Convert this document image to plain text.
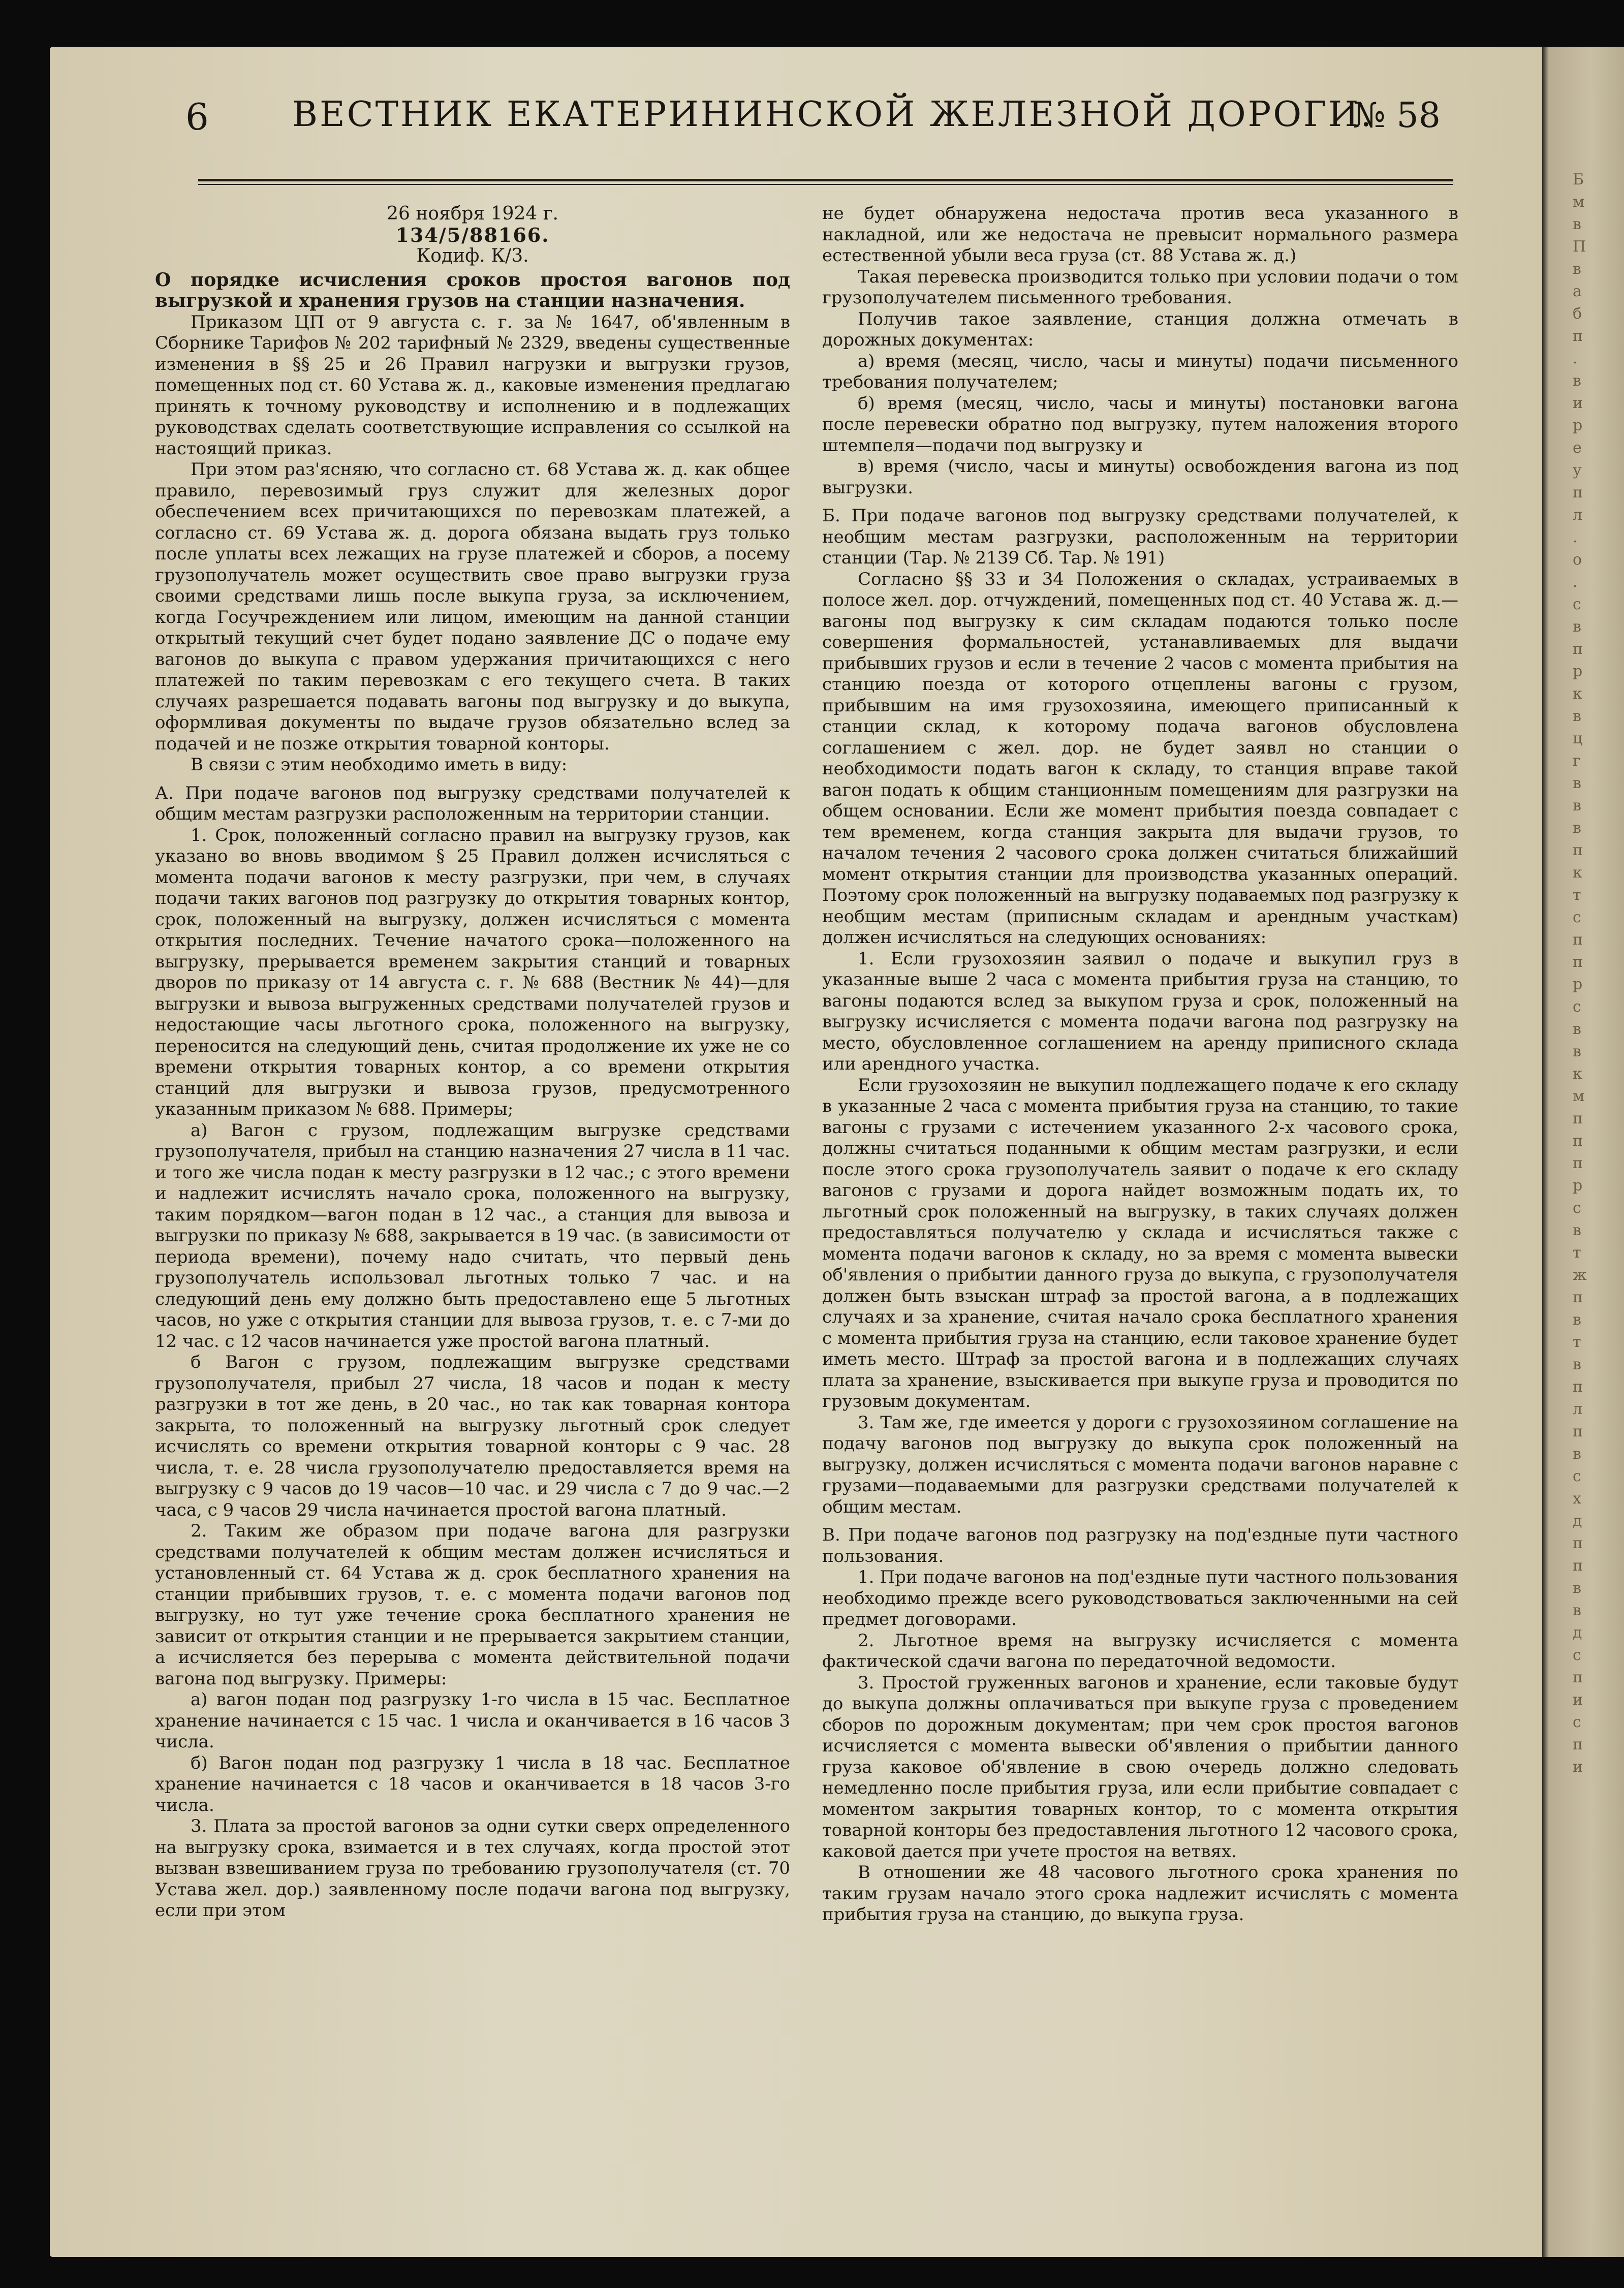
Б
м
в
П
в
а
б
п
.
в
и
р
е
у
п
л
.
о
.
с
в
п
р
к
в
ц
г
в
в
в
п
к
т
с
п
п
р
с
в
в
к
м
п
п
п
р
с
в
т
ж
п
в
т
в
п
л
п
в
с
х
д
п
п
в
в
д
с
п
и
с
п
и
6 ВЕСТНИК ЕКАТЕРИНИНСКОЙ ЖЕЛЕЗНОЙ ДОРОГИ.
№ 58

26 ноября 1924 г.

134/5/88166.

Кодиф. К/3.

О порядке исчисления сроков простоя вагонов под выгрузкой и хранения грузов на станции назначения.

Приказом ЦП от 9 августа с. г. за № 1647, об'явленным в Сборнике Тарифов № 202 тарифный № 2329, введены существенные изменения в §§ 25 и 26 Правил нагрузки и выгрузки грузов, помещенных под ст. 60 Устава ж. д., каковые изменения предлагаю принять к точному руководству и исполнению и в подлежащих руководствах сделать соответствующие исправления со ссылкой на настоящий приказ.

При этом раз'ясняю, что согласно ст. 68 Устава ж. д. как общее правило, перевозимый груз служит для железных дорог обеспечением всех причитающихся по перевозкам платежей, а согласно ст. 69 Устава ж. д. дорога обязана выдать груз только после уплаты всех лежащих на грузе платежей и сборов, а посему грузополучатель может осуществить свое право выгрузки груза своими средствами лишь после выкупа груза, за исключением, когда Госучреждением или лицом, имеющим на данной станции открытый текущий счет будет подано заявление ДС о подаче ему вагонов до выкупа с правом удержания причитающихся с него платежей по таким перевозкам с его текущего счета. В таких случаях разрешается подавать вагоны под выгрузку и до выкупа, оформливая документы по выдаче грузов обязательно вслед за подачей и не позже открытия товарной конторы.

В связи с этим необходимо иметь в виду:

А. При подаче вагонов под выгрузку средствами получателей к общим местам разгрузки расположенным на территории станции.

1. Срок, положенный согласно правил на выгрузку грузов, как указано во вновь вводимом § 25 Правил должен исчисляться с момента подачи вагонов к месту разгрузки, при чем, в случаях подачи таких вагонов под разгрузку до открытия товарных контор, срок, положенный на выгрузку, должен исчисляться с момента открытия последних. Течение начатого срока—положенного на выгрузку, прерывается временем закрытия станций и товарных дворов по приказу от 14 августа с. г. № 688 (Вестник № 44)—для выгрузки и вывоза выгруженных средствами получателей грузов и недостающие часы льготного срока, положенного на выгрузку, переносится на следующий день, считая продолжение их уже не со времени открытия товарных контор, а со времени открытия станций для выгрузки и вывоза грузов, предусмотренного указанным приказом № 688. Примеры;

а) Вагон с грузом, подлежащим выгрузке средствами грузополучателя, прибыл на станцию назначения 27 числа в 11 час. и того же числа подан к месту разгрузки в 12 час.; с этого времени и надлежит исчислять начало срока, положенного на выгрузку, таким порядком—вагон подан в 12 час., а станция для вывоза и выгрузки по приказу № 688, закрывается в 19 час. (в зависимости от периода времени), почему надо считать, что первый день грузополучатель использовал льготных только 7 час. и на следующий день ему должно быть предоставлено еще 5 льготных часов, но уже с открытия станции для вывоза грузов, т. е. с 7-ми до 12 час. с 12 часов начинается уже простой вагона платный.

б Вагон с грузом, подлежащим выгрузке средствами грузополучателя, прибыл 27 числа, 18 часов и подан к месту разгрузки в тот же день, в 20 час., но так как товарная контора закрыта, то положенный на выгрузку льготный срок следует исчислять со времени открытия товарной конторы с 9 час. 28 числа, т. е. 28 числа грузополучателю предоставляется время на выгрузку с 9 часов до 19 часов—10 час. и 29 числа с 7 до 9 час.—2 часа, с 9 часов 29 числа начинается простой вагона платный.

2. Таким же образом при подаче вагона для разгрузки средствами получателей к общим местам должен исчисляться и установленный ст. 64 Устава ж д. срок бесплатного хранения на станции прибывших грузов, т. е. с момента подачи вагонов под выгрузку, но тут уже течение срока бесплатного хранения не зависит от открытия станции и не прерывается закрытием станции, а исчисляется без перерыва с момента действительной подачи вагона под выгрузку. Примеры:

а) вагон подан под разгрузку 1-го числа в 15 час. Бесплатное хранение начинается с 15 час. 1 числа и оканчивается в 16 часов 3 числа.

б) Вагон подан под разгрузку 1 числа в 18 час. Бесплатное хранение начинается с 18 часов и оканчивается в 18 часов 3-го числа.

3. Плата за простой вагонов за одни сутки сверх определенного на выгрузку срока, взимается и в тех случаях, когда простой этот вызван взвешиванием груза по требованию грузополучателя (ст. 70 Устава жел. дор.) заявленному после подачи вагона под выгрузку, если при этом

не будет обнаружена недостача против веса указанного в накладной, или же недостача не превысит нормального размера естественной убыли веса груза (ст. 88 Устава ж. д.)

Такая перевеска производится только при условии подачи о том грузополучателем письменного требования.

Получив такое заявление, станция должна отмечать в дорожных документах:

а) время (месяц, число, часы и минуты) подачи письменного требования получателем;

б) время (месяц, число, часы и минуты) постановки вагона после перевески обратно под выгрузку, путем наложения второго штемпеля—подачи под выгрузку и

в) время (число, часы и минуты) освобождения вагона из под выгрузки.

Б. При подаче вагонов под выгрузку средствами получателей, к необщим местам разгрузки, расположенным на территории станции (Тар. № 2139 Сб. Тар. № 191)

Согласно §§ 33 и 34 Положения о складах, устраиваемых в полосе жел. дор. отчуждений, помещенных под ст. 40 Устава ж. д.—вагоны под выгрузку к сим складам подаются только после совершения формальностей, устанавливаемых для выдачи прибывших грузов и если в течение 2 часов с момента прибытия на станцию поезда от которого отцеплены вагоны с грузом, прибывшим на имя грузохозяина, имеющего приписанный к станции склад, к которому подача вагонов обусловлена соглашением с жел. дор. не будет заявл но станции о необходимости подать вагон к складу, то станция вправе такой вагон подать к общим станционным помещениям для разгрузки на общем основании. Если же момент прибытия поезда совпадает с тем временем, когда станция закрыта для выдачи грузов, то началом течения 2 часового срока должен считаться ближайший момент открытия станции для производства указанных операций. Поэтому срок положенный на выгрузку подаваемых под разгрузку к необщим местам (приписным складам и арендным участкам) должен исчисляться на следующих основаниях:

1. Если грузохозяин заявил о подаче и выкупил груз в указанные выше 2 часа с момента прибытия груза на станцию, то вагоны подаются вслед за выкупом груза и срок, положенный на выгрузку исчисляется с момента подачи вагона под разгрузку на место, обусловленное соглашением на аренду приписного склада или арендного участка.

Если грузохозяин не выкупил подлежащего подаче к его складу в указанные 2 часа с момента прибытия груза на станцию, то такие вагоны с грузами с истечением указанного 2-х часового срока, должны считаться поданными к общим местам разгрузки, и если после этого срока грузополучатель заявит о подаче к его складу вагонов с грузами и дорога найдет возможным подать их, то льготный срок положенный на выгрузку, в таких случаях должен предоставляться получателю у склада и исчисляться также с момента подачи вагонов к складу, но за время с момента вывески об'явления о прибытии данного груза до выкупа, с грузополучателя должен быть взыскан штраф за простой вагона, а в подлежащих случаях и за хранение, считая начало срока бесплатного хранения с момента прибытия груза на станцию, если таковое хранение будет иметь место. Штраф за простой вагона и в подлежащих случаях плата за хранение, взыскивается при выкупе груза и проводится по грузовым документам.

3. Там же, где имеется у дороги с грузохозяином соглашение на подачу вагонов под выгрузку до выкупа срок положенный на выгрузку, должен исчисляться с момента подачи вагонов наравне с грузами—подаваемыми для разгрузки средствами получателей к общим местам.

В. При подаче вагонов под разгрузку на под'ездные пути частного пользования.

1. При подаче вагонов на под'ездные пути частного пользования необходимо прежде всего руководствоваться заключенными на сей предмет договорами.

2. Льготное время на выгрузку исчисляется с момента фактической сдачи вагона по передаточной ведомости.

3. Простой груженных вагонов и хранение, если таковые будут до выкупа должны оплачиваться при выкупе груза с проведением сборов по дорожным документам; при чем срок простоя вагонов исчисляется с момента вывески об'явления о прибытии данного груза каковое об'явление в свою очередь должно следовать немедленно после прибытия груза, или если прибытие совпадает с моментом закрытия товарных контор, то с момента открытия товарной конторы без предоставления льготного 12 часового срока, каковой дается при учете простоя на ветвях.

В отношении же 48 часового льготного срока хранения по таким грузам начало этого срока надлежит исчислять с момента прибытия груза на станцию, до выкупа груза.
